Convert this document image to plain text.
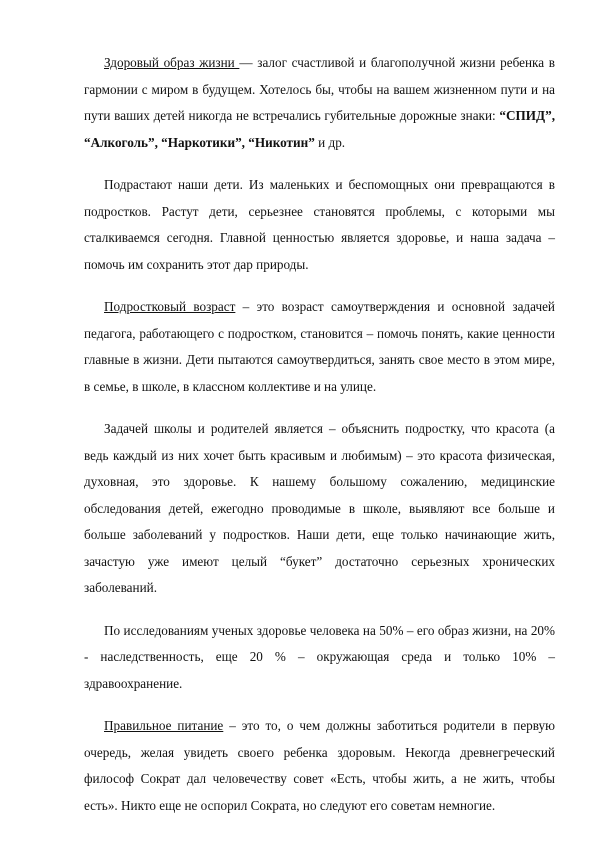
Здоровый образ жизни — залог счастливой и благополучной жизни ребенка в гармонии с миром в будущем. Хотелось бы, чтобы на вашем жизненном пути и на пути ваших детей никогда не встречались губительные дорожные знаки: “СПИД”, “Алкоголь”, “Наркотики”, “Никотин” и др.

Подрастают наши дети. Из маленьких и беспомощных они превращаются в подростков. Растут дети, серьезнее становятся проблемы, с которыми мы сталкиваемся сегодня. Главной ценностью является здоровье, и наша задача – помочь им сохранить этот дар природы.

Подростковый возраст – это возраст самоутверждения и основной задачей педагога, работающего с подростком, становится – помочь понять, какие ценности главные в жизни. Дети пытаются самоутвердиться, занять свое место в этом мире, в семье, в школе, в классном коллективе и на улице.

Задачей школы и родителей является – объяснить подростку, что красота (а ведь каждый из них хочет быть красивым и любимым) – это красота физическая, духовная, это здоровье. К нашему большому сожалению, медицинские обследования детей, ежегодно проводимые в школе, выявляют все больше и больше заболеваний у подростков. Наши дети, еще только начинающие жить, зачастую уже имеют целый “букет” достаточно серьезных хронических заболеваний.

По исследованиям ученых здоровье человека на 50% – его образ жизни, на 20% - наследственность, еще 20 % – окружающая среда и только 10% – здравоохранение.

Правильное питание – это то, о чем должны заботиться родители в первую очередь, желая увидеть своего ребенка здоровым. Некогда древнегреческий философ Сократ дал человечеству совет «Есть, чтобы жить, а не жить, чтобы есть». Никто еще не оспорил Сократа, но следуют его советам немногие.
